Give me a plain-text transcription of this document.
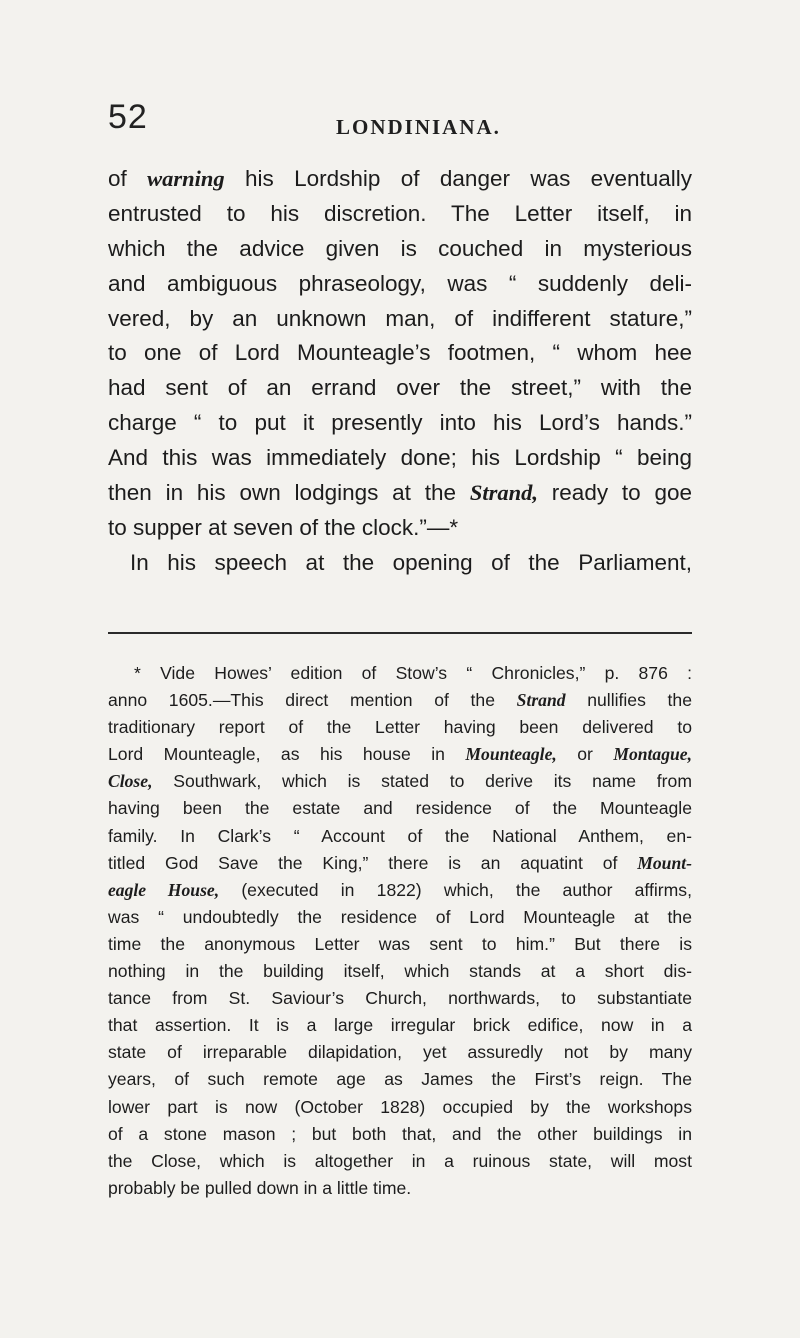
52	LONDINIANA.
of warning his Lordship of danger was eventually
entrusted to his discretion. The Letter itself, in
which the advice given is couched in mysterious
and ambiguous phraseology, was “ suddenly deli-
vered, by an unknown man, of indifferent stature,”
to one of Lord Mounteagle’s footmen, “ whom hee
had sent of an errand over the street,” with the
charge “ to put it presently into his Lord’s hands.”
And this was immediately done; his Lordship “ being
then in his own lodgings at the Strand, ready to goe
to supper at seven of the clock.”—*
In his speech at the opening of the Parliament,
* Vide Howes’ edition of Stow’s “ Chronicles,” p. 876 :
anno 1605.—This direct mention of the Strand nullifies the
traditionary report of the Letter having been delivered to
Lord Mounteagle, as his house in Mounteagle, or Montague,
Close, Southwark, which is stated to derive its name from
having been the estate and residence of the Mounteagle
family. In Clark’s “ Account of the National Anthem, en-
titled God Save the King,” there is an aquatint of Mount-
eagle House, (executed in 1822) which, the author affirms,
was “ undoubtedly the residence of Lord Mounteagle at the
time the anonymous Letter was sent to him.” But there is
nothing in the building itself, which stands at a short dis-
tance from St. Saviour’s Church, northwards, to substantiate
that assertion. It is a large irregular brick edifice, now in a
state of irreparable dilapidation, yet assuredly not by many
years, of such remote age as James the First’s reign. The
lower part is now (October 1828) occupied by the workshops
of a stone mason ; but both that, and the other buildings in
the Close, which is altogether in a ruinous state, will most
probably be pulled down in a little time.
